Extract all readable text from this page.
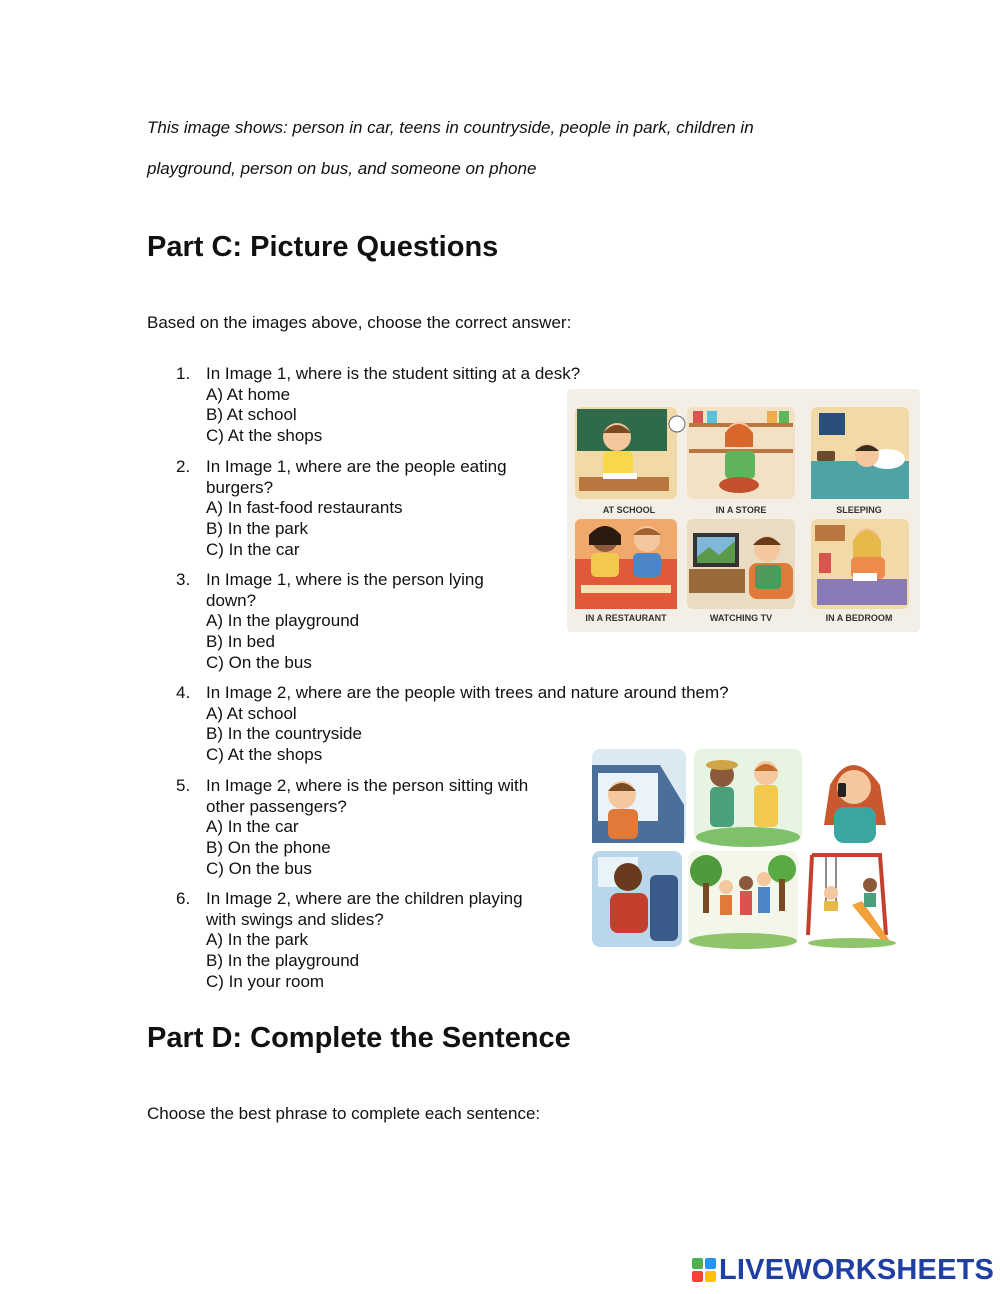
This image shows: person in car, teens in countryside, people in park, children in
playground, person on bus, and someone on phone
Part C: Picture Questions
Based on the images above, choose the correct answer:
1. In Image 1, where is the student sitting at a desk?
A) At home
B) At school
C) At the shops
2. In Image 1, where are the people eating
burgers?
A) In fast-food restaurants
B) In the park
C) In the car
3. In Image 1, where is the person lying
down?
A) In the playground
B) In bed
C) On the bus
4. In Image 2, where are the people with trees and nature around them?
A) At school
B) In the countryside
C) At the shops
5. In Image 2, where is the person sitting with
other passengers?
A) In the car
B) On the phone
C) On the bus
6. In Image 2, where are the children playing
with swings and slides?
A) In the park
B) In the playground
C) In your room
AT SCHOOL	IN A STORE	SLEEPING
IN A RESTAURANT	WATCHING TV	IN A BEDROOM
Part D: Complete the Sentence
Choose the best phrase to complete each sentence:
LIVEWORKSHEETS
